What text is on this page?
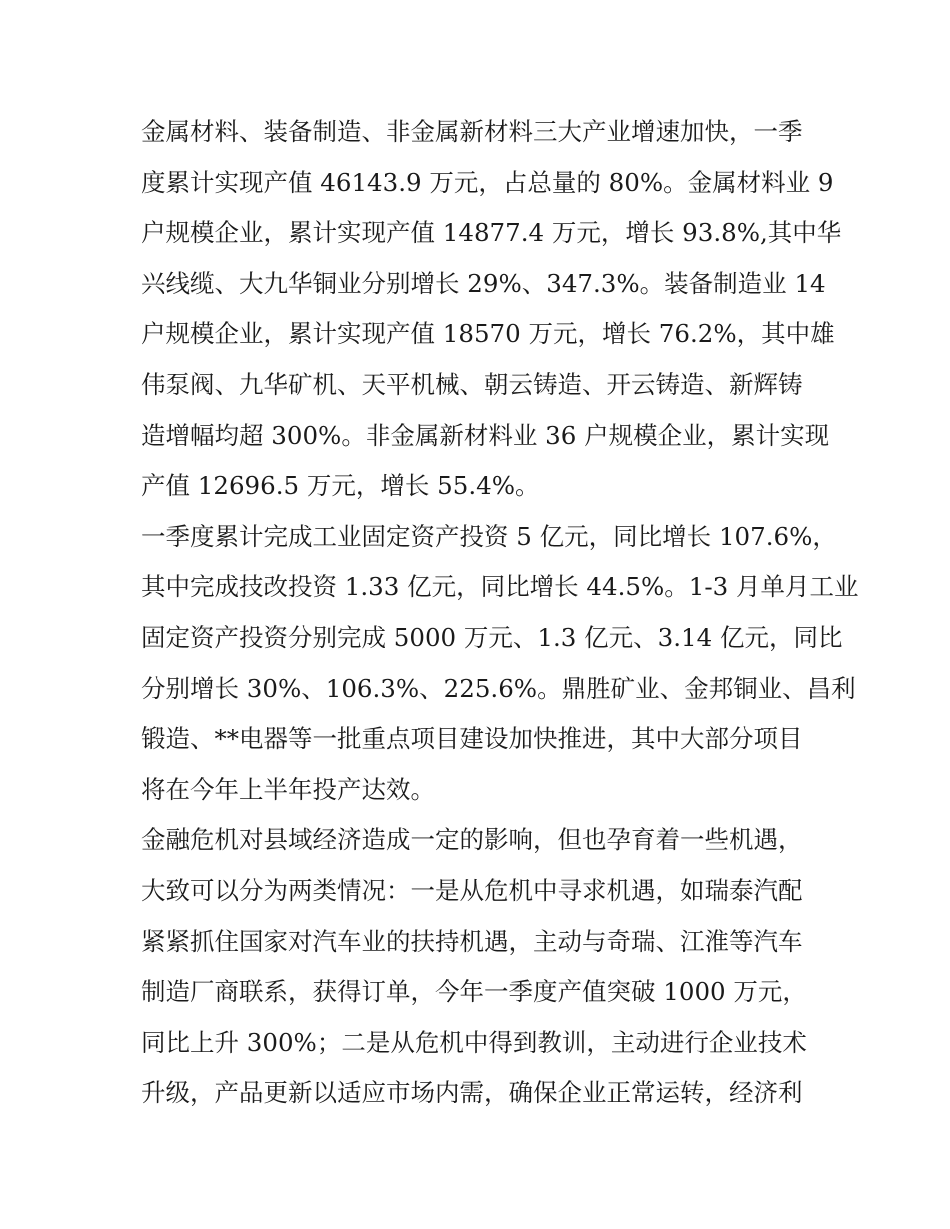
金属材料、装备制造、非金属新材料三大产业增速加快，一季
度累计实现产值 46143.9 万元，占总量的 80%。金属材料业 9
户规模企业，累计实现产值 14877.4 万元，增长 93.8%,其中华
兴线缆、大九华铜业分别增长 29%、347.3%。装备制造业 14
户规模企业，累计实现产值 18570 万元，增长 76.2%，其中雄
伟泵阀、九华矿机、天平机械、朝云铸造、开云铸造、新辉铸
造增幅均超 300%。非金属新材料业 36 户规模企业，累计实现
产值 12696.5 万元，增长 55.4%。
一季度累计完成工业固定资产投资 5 亿元，同比增长 107.6%，
其中完成技改投资 1.33 亿元，同比增长 44.5%。1-3 月单月工业
固定资产投资分别完成 5000 万元、1.3 亿元、3.14 亿元，同比
分别增长 30%、106.3%、225.6%。鼎胜矿业、金邦铜业、昌利
锻造、**电器等一批重点项目建设加快推进，其中大部分项目
将在今年上半年投产达效。
金融危机对县域经济造成一定的影响，但也孕育着一些机遇，
大致可以分为两类情况：一是从危机中寻求机遇，如瑞泰汽配
紧紧抓住国家对汽车业的扶持机遇，主动与奇瑞、江淮等汽车
制造厂商联系，获得订单，今年一季度产值突破 1000 万元，
同比上升 300%；二是从危机中得到教训，主动进行企业技术
升级，产品更新以适应市场内需，确保企业正常运转，经济利
